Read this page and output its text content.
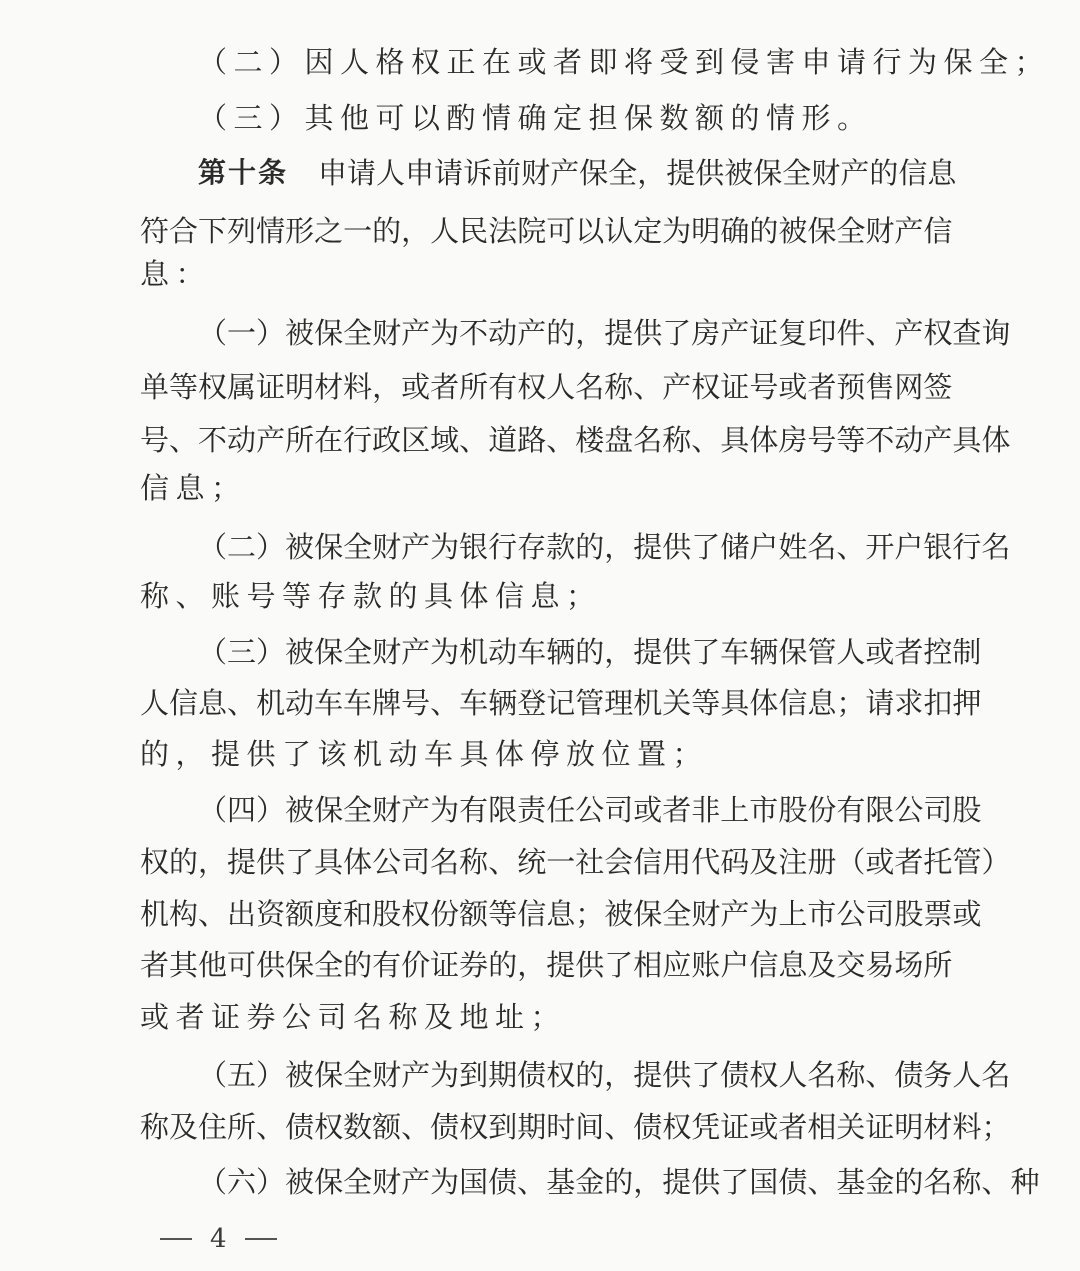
（二）因人格权正在或者即将受到侵害申请行为保全；
（三）其他可以酌情确定担保数额的情形。
第十条 申 请 人 申 请 诉 前 财 产 保 全 ， 提 供 被 保 全 财 产 的 信 息
符 合 下 列 情 形 之 一 的 ， 人 民 法 院 可 以 认 定 为 明 确 的 被 保 全 财 产 信
息：
（ 一 ） 被 保 全 财 产 为 不 动 产 的 ， 提 供 了 房 产 证 复 印 件 、 产 权 查 询
单 等 权 属 证 明 材 料 ， 或 者 所 有 权 人 名 称 、 产 权 证 号 或 者 预 售 网 签
号 、 不 动 产 所 在 行 政 区 域 、 道 路 、 楼 盘 名 称 、 具 体 房 号 等 不 动 产 具 体
信息；
（ 二 ） 被 保 全 财 产 为 银 行 存 款 的 ， 提 供 了 储 户 姓 名 、 开 户 银 行 名
称、账号等存款的具体信息；
（ 三 ） 被 保 全 财 产 为 机 动 车 辆 的 ， 提 供 了 车 辆 保 管 人 或 者 控 制
人 信 息 、 机 动 车 车 牌 号 、 车 辆 登 记 管 理 机 关 等 具 体 信 息 ； 请 求 扣 押
的，提供了该机动车具体停放位置；
（ 四 ） 被 保 全 财 产 为 有 限 责 任 公 司 或 者 非 上 市 股 份 有 限 公 司 股
权 的 ， 提 供 了 具 体 公 司 名 称 、 统 一 社 会 信 用 代 码 及 注 册 （ 或 者 托 管 ）
机 构 、 出 资 额 度 和 股 权 份 额 等 信 息 ； 被 保 全 财 产 为 上 市 公 司 股 票 或
者 其 他 可 供 保 全 的 有 价 证 券 的 ， 提 供 了 相 应 账 户 信 息 及 交 易 场 所
或者证券公司名称及地址；
（ 五 ） 被 保 全 财 产 为 到 期 债 权 的 ， 提 供 了 债 权 人 名 称 、 债 务 人 名
称 及 住 所 、 债 权 数 额 、 债 权 到 期 时 间 、 债 权 凭 证 或 者 相 关 证 明 材 料 ；
（ 六 ） 被 保 全 财 产 为 国 债 、 基 金 的 ， 提 供 了 国 债 、 基 金 的 名 称 、 种
4
